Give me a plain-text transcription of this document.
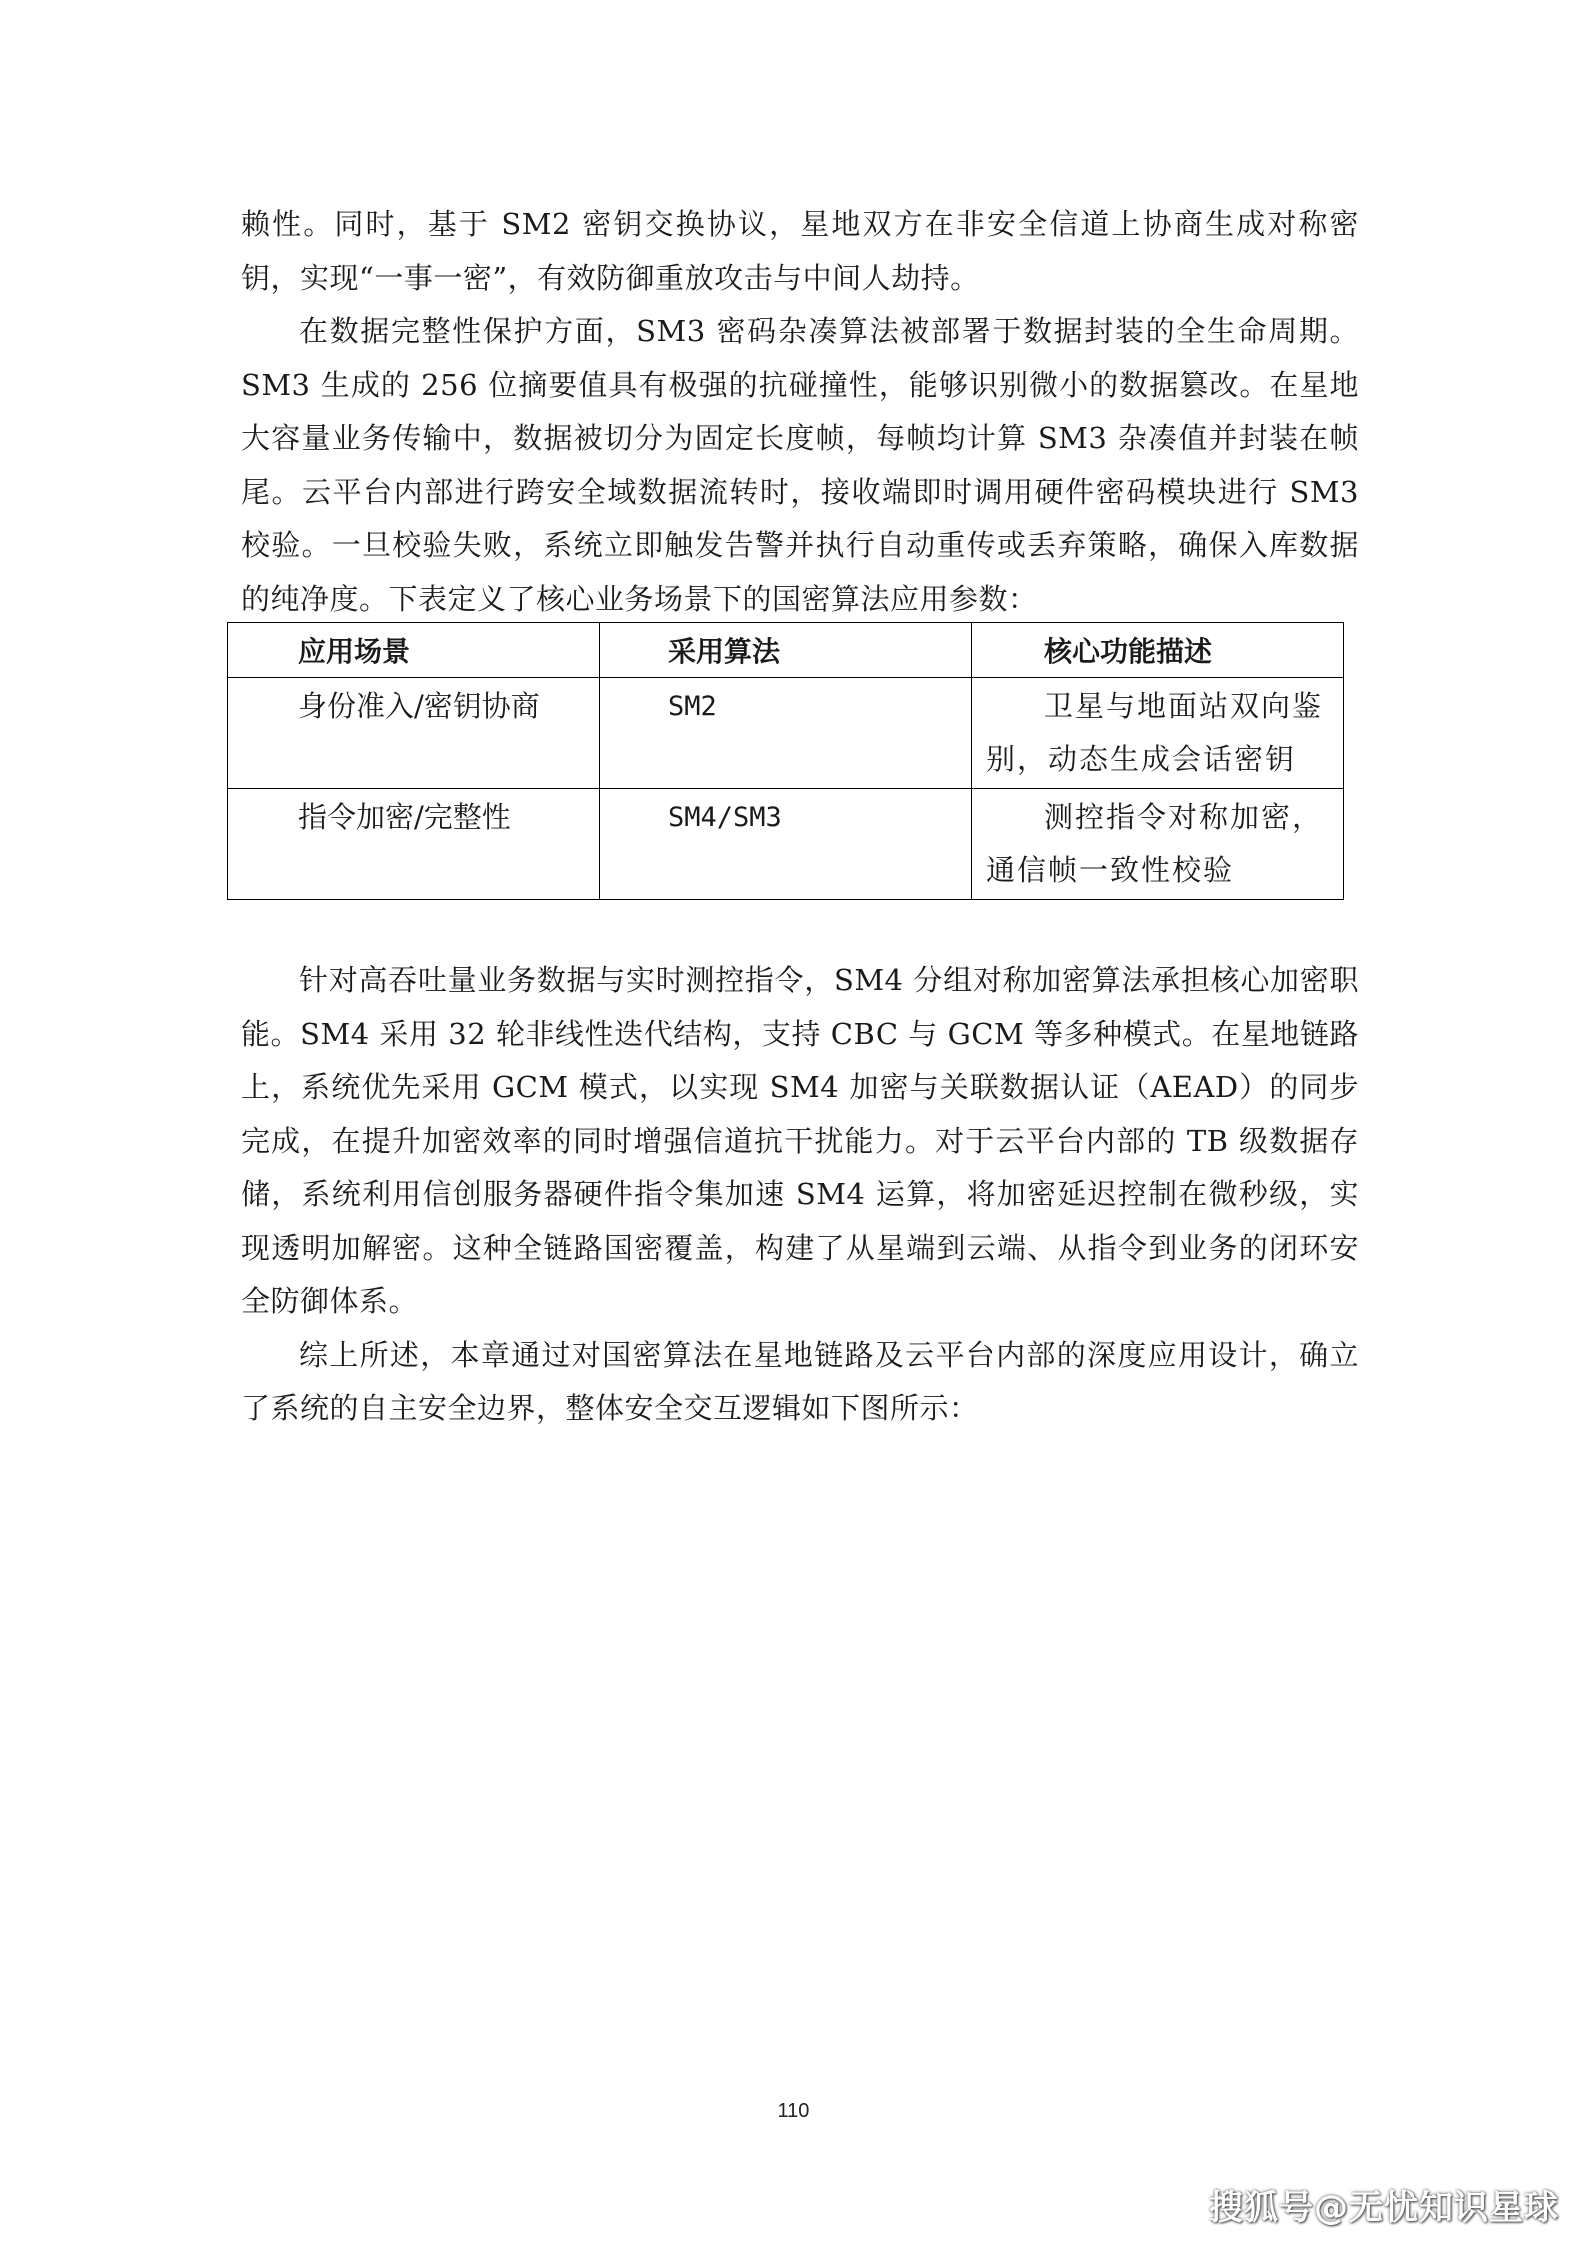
赖性。同时，基于 SM2 密钥交换协议，星地双方在非安全信道上协商生成对称密钥，实现“一事一密”，有效防御重放攻击与中间人劫持。

在数据完整性保护方面，SM3 密码杂凑算法被部署于数据封装的全生命周期。SM3 生成的 256 位摘要值具有极强的抗碰撞性，能够识别微小的数据篡改。在星地大容量业务传输中，数据被切分为固定长度帧，每帧均计算 SM3 杂凑值并封装在帧尾。云平台内部进行跨安全域数据流转时，接收端即时调用硬件密码模块进行 SM3 校验。一旦校验失败，系统立即触发告警并执行自动重传或丢弃策略，确保入库数据的纯净度。下表定义了核心业务场景下的国密算法应用参数：

应用场景	采用算法	核心功能描述
身份准入/密钥协商	SM2	卫星与地面站双向鉴别，动态生成会话密钥
指令加密/完整性	SM4/SM3	测控指令对称加密，通信帧一致性校验

针对高吞吐量业务数据与实时测控指令，SM4 分组对称加密算法承担核心加密职能。SM4 采用 32 轮非线性迭代结构，支持 CBC 与 GCM 等多种模式。在星地链路上，系统优先采用 GCM 模式，以实现 SM4 加密与关联数据认证（AEAD）的同步完成，在提升加密效率的同时增强信道抗干扰能力。对于云平台内部的 TB 级数据存储，系统利用信创服务器硬件指令集加速 SM4 运算，将加密延迟控制在微秒级，实现透明加解密。这种全链路国密覆盖，构建了从星端到云端、从指令到业务的闭环安全防御体系。

综上所述，本章通过对国密算法在星地链路及云平台内部的深度应用设计，确立了系统的自主安全边界，整体安全交互逻辑如下图所示：

110
搜狐号@无忧知识星球
